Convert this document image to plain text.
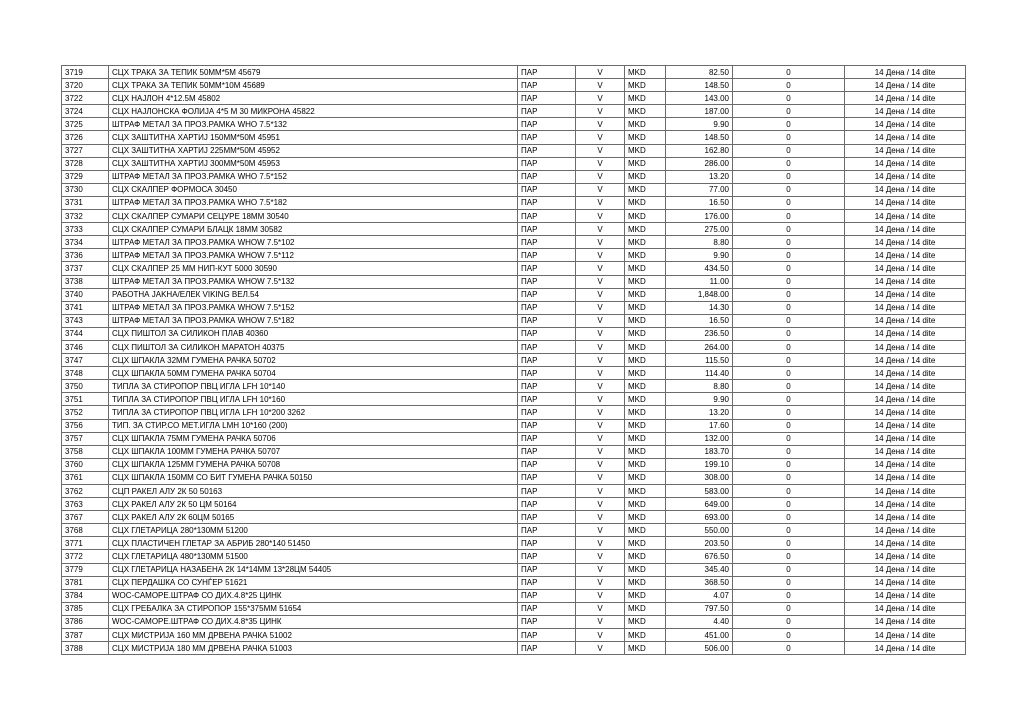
3719	СЦХ ТРАКА ЗА ТЕПИК 50ММ*5М 45679	ПАР	V	MKD	82.50	0	14 Дена / 14 dite
3720	СЦХ ТРАКА ЗА ТЕПИК 50ММ*10М 45689	ПАР	V	MKD	148.50	0	14 Дена / 14 dite
3722	СЦХ НАЈЛОН 4*12.5М 45802	ПАР	V	MKD	143.00	0	14 Дена / 14 dite
3724	СЦХ НАЈЛОНСКА ФОЛИЈА 4*5 М 30 МИКРОНА 45822	ПАР	V	MKD	187.00	0	14 Дена / 14 dite
3725	ШТРАФ МЕТАЛ ЗА ПРОЗ.РАМКА WHO 7.5*132	ПАР	V	MKD	9.90	0	14 Дена / 14 dite
3726	СЦХ ЗАШТИТНА ХАРТИЈ 150ММ*50М 45951	ПАР	V	MKD	148.50	0	14 Дена / 14 dite
3727	СЦХ ЗАШТИТНА ХАРТИЈ 225ММ*50М 45952	ПАР	V	MKD	162.80	0	14 Дена / 14 dite
3728	СЦХ ЗАШТИТНА ХАРТИЈ 300ММ*50М 45953	ПАР	V	MKD	286.00	0	14 Дена / 14 dite
3729	ШТРАФ МЕТАЛ ЗА ПРОЗ.РАМКА WHO 7.5*152	ПАР	V	MKD	13.20	0	14 Дена / 14 dite
3730	СЦХ СКАЛПЕР ФОРМОСА 30450	ПАР	V	MKD	77.00	0	14 Дена / 14 dite
3731	ШТРАФ МЕТАЛ ЗА ПРОЗ.РАМКА WHO 7.5*182	ПАР	V	MKD	16.50	0	14 Дена / 14 dite
3732	СЦХ СКАЛПЕР СУМАРИ СЕЦУРЕ 18ММ 30540	ПАР	V	MKD	176.00	0	14 Дена / 14 dite
3733	СЦХ СКАЛПЕР СУМАРИ БЛАЦК 18ММ 30582	ПАР	V	MKD	275.00	0	14 Дена / 14 dite
3734	ШТРАФ МЕТАЛ ЗА ПРОЗ.РАМКА WHOW 7.5*102	ПАР	V	MKD	8.80	0	14 Дена / 14 dite
3736	ШТРАФ МЕТАЛ ЗА ПРОЗ.РАМКА WHOW 7.5*112	ПАР	V	MKD	9.90	0	14 Дена / 14 dite
3737	СЦХ СКАЛПЕР 25 ММ НИП-КУТ 5000 30590	ПАР	V	MKD	434.50	0	14 Дена / 14 dite
3738	ШТРАФ МЕТАЛ ЗА ПРОЗ.РАМКА WHOW 7.5*132	ПАР	V	MKD	11.00	0	14 Дена / 14 dite
3740	РАБОТНА JAKHA/ЕЛЕК VIKING ВЕЛ.54	ПАР	V	MKD	1,848.00	0	14 Дена / 14 dite
3741	ШТРАФ МЕТАЛ ЗА ПРОЗ.РАМКА WHOW 7.5*152	ПАР	V	MKD	14.30	0	14 Дена / 14 dite
3743	ШТРАФ МЕТАЛ ЗА ПРОЗ.РАМКА WHOW 7.5*182	ПАР	V	MKD	16.50	0	14 Дена / 14 dite
3744	СЦХ ПИШТОЛ ЗА СИЛИКОН ПЛАВ 40360	ПАР	V	MKD	236.50	0	14 Дена / 14 dite
3746	СЦХ ПИШТОЛ ЗА СИЛИКОН МАРАТОН 40375	ПАР	V	MKD	264.00	0	14 Дена / 14 dite
3747	СЦХ ШПАКЛА 32ММ ГУМЕНА РАЧКА 50702	ПАР	V	MKD	115.50	0	14 Дена / 14 dite
3748	СЦХ ШПАКЛА 50ММ ГУМЕНА РАЧКА 50704	ПАР	V	MKD	114.40	0	14 Дена / 14 dite
3750	ТИПЛА ЗА СТИРОПОР ПВЦ ИГЛА LFH 10*140	ПАР	V	MKD	8.80	0	14 Дена / 14 dite
3751	ТИПЛА ЗА СТИРОПОР ПВЦ ИГЛА LFH 10*160	ПАР	V	MKD	9.90	0	14 Дена / 14 dite
3752	ТИПЛА ЗА СТИРОПОР ПВЦ ИГЛА LFH 10*200 3262	ПАР	V	MKD	13.20	0	14 Дена / 14 dite
3756	ТИП. ЗА СТИР.СО МЕТ.ИГЛА LMH 10*160 (200)	ПАР	V	MKD	17.60	0	14 Дена / 14 dite
3757	СЦХ ШПАКЛА 75ММ ГУМЕНА РАЧКА 50706	ПАР	V	MKD	132.00	0	14 Дена / 14 dite
3758	СЦХ ШПАКЛА 100ММ ГУМЕНА РАЧКА 50707	ПАР	V	MKD	183.70	0	14 Дена / 14 dite
3760	СЦХ ШПАКЛА 125ММ ГУМЕНА РАЧКА 50708	ПАР	V	MKD	199.10	0	14 Дена / 14 dite
3761	СЦХ ШПАКЛА 150ММ СО БИТ ГУМЕНА РАЧКА 50150	ПАР	V	MKD	308.00	0	14 Дена / 14 dite
3762	СЦП РАКЕЛ АЛУ 2К 50 50163	ПАР	V	MKD	583.00	0	14 Дена / 14 dite
3763	СЦХ РАКЕЛ АЛУ 2К 50 ЦМ 50164	ПАР	V	MKD	649.00	0	14 Дена / 14 dite
3767	СЦХ РАКЕЛ АЛУ 2К 60ЦМ 50165	ПАР	V	MKD	693.00	0	14 Дена / 14 dite
3768	СЦХ ГЛЕТАРИЦА 280*130ММ 51200	ПАР	V	MKD	550.00	0	14 Дена / 14 dite
3771	СЦХ ПЛАСТИЧЕН ГЛЕТАР ЗА АБРИБ 280*140 51450	ПАР	V	MKD	203.50	0	14 Дена / 14 dite
3772	СЦХ ГЛЕТАРИЦА 480*130ММ 51500	ПАР	V	MKD	676.50	0	14 Дена / 14 dite
3779	СЦХ ГЛЕТАРИЦА НАЗАБЕНА 2К 14*14ММ 13*28ЦМ 54405	ПАР	V	MKD	345.40	0	14 Дена / 14 dite
3781	СЦХ ПЕРДАШКА СО СУНЃЕР 51621	ПАР	V	MKD	368.50	0	14 Дена / 14 dite
3784	WOC-САМОРЕ.ШТРАФ СО ДИХ.4.8*25 ЦИНК	ПАР	V	MKD	4.07	0	14 Дена / 14 dite
3785	СЦХ ГРЕБАЛКА ЗА СТИРОПОР 155*375ММ 51654	ПАР	V	MKD	797.50	0	14 Дена / 14 dite
3786	WOC-САМОРЕ.ШТРАФ СО ДИХ.4.8*35 ЦИНК	ПАР	V	MKD	4.40	0	14 Дена / 14 dite
3787	СЦХ МИСТРИЈА 160 ММ ДРВЕНА РАЧКА 51002	ПАР	V	MKD	451.00	0	14 Дена / 14 dite
3788	СЦХ МИСТРИЈА 180 ММ ДРВЕНА РАЧКА 51003	ПАР	V	MKD	506.00	0	14 Дена / 14 dite
